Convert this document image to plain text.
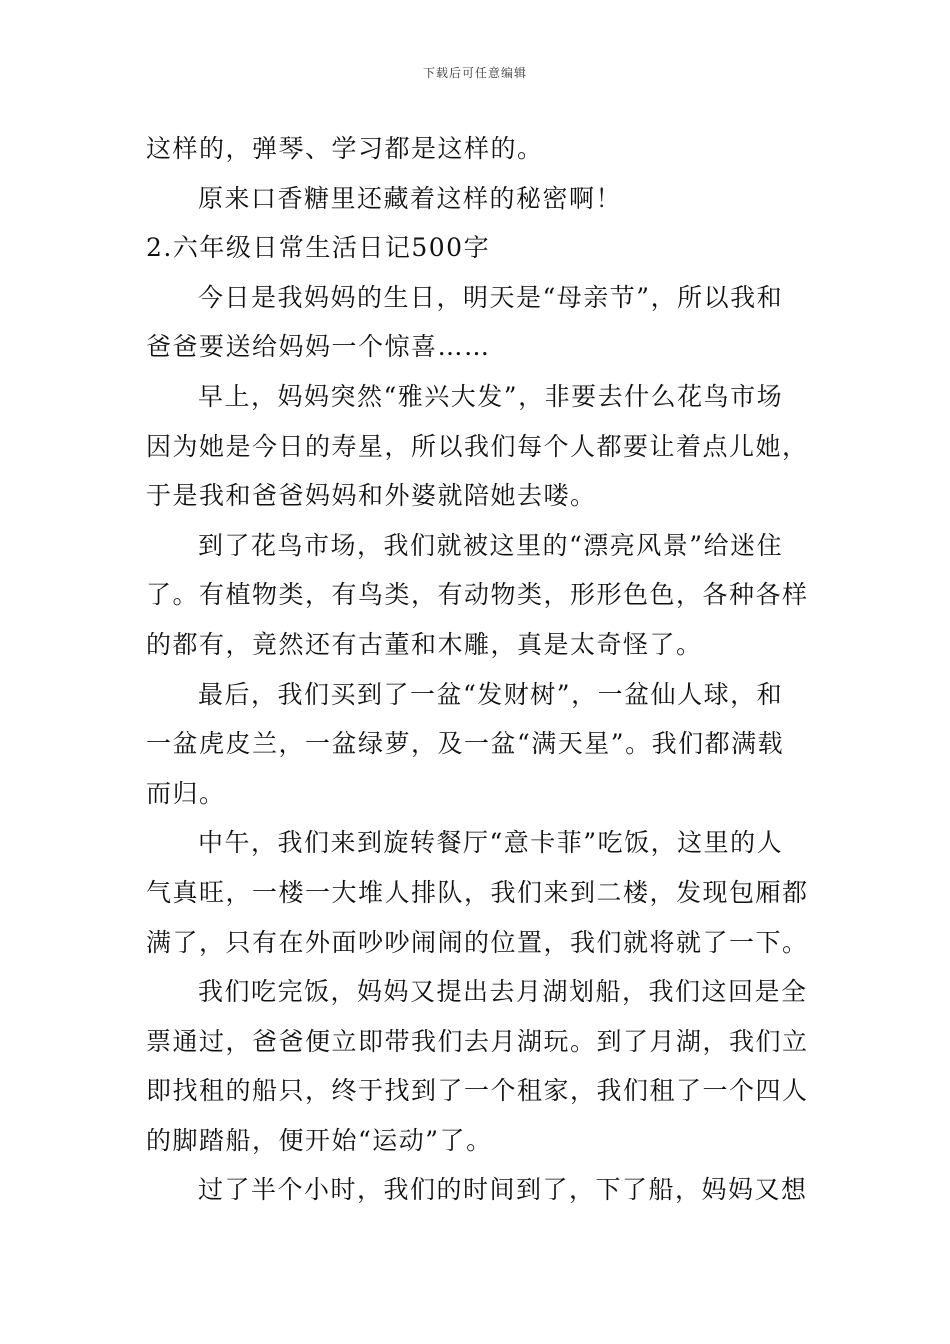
下载后可任意编辑
这样的，弹琴、学习都是这样的。
原来口香糖里还藏着这样的秘密啊！
2.六年级日常生活日记500字
今日是我妈妈的生日，明天是“母亲节”，所以我和
爸爸要送给妈妈一个惊喜……
早上，妈妈突然“雅兴大发”，非要去什么花鸟市场
因为她是今日的寿星，所以我们每个人都要让着点儿她，
于是我和爸爸妈妈和外婆就陪她去喽。
到了花鸟市场，我们就被这里的“漂亮风景”给迷住
了。有植物类，有鸟类，有动物类，形形色色，各种各样
的都有，竟然还有古董和木雕，真是太奇怪了。
最后，我们买到了一盆“发财树”，一盆仙人球，和
一盆虎皮兰，一盆绿萝，及一盆“满天星”。我们都满载
而归。
中午，我们来到旋转餐厅“意卡菲”吃饭，这里的人
气真旺，一楼一大堆人排队，我们来到二楼，发现包厢都
满了，只有在外面吵吵闹闹的位置，我们就将就了一下。
我们吃完饭，妈妈又提出去月湖划船，我们这回是全
票通过，爸爸便立即带我们去月湖玩。到了月湖，我们立
即找租的船只，终于找到了一个租家，我们租了一个四人
的脚踏船，便开始“运动”了。
过了半个小时，我们的时间到了，下了船，妈妈又想
